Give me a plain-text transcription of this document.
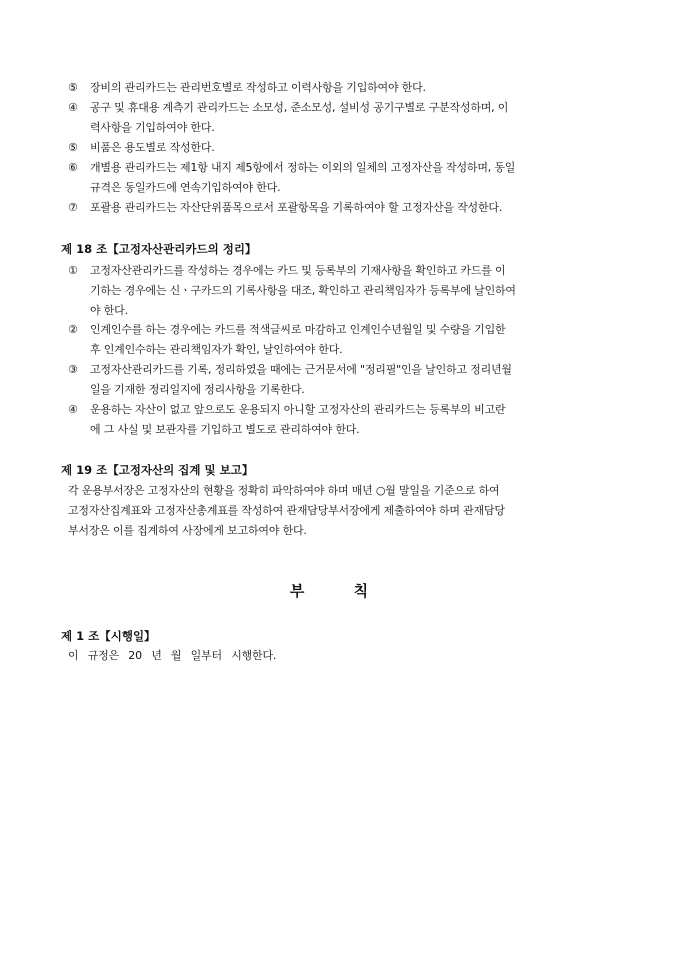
⑤	장비의 관리카드는 관리번호별로 작성하고 이력사항을 기입하여야 한다.
④	공구 및 휴대용 계측기 관리카드는 소모성, 준소모성, 설비성 공기구별로 구분작성하며, 이
력사항을 기입하여야 한다.
⑤	비품은 용도별로 작성한다.
⑥	개별용 관리카드는 제1항 내지 제5항에서 정하는 이외의 일체의 고정자산을 작성하며, 동일
규격은 동일카드에 연속기입하여야 한다.
⑦	포괄용 관리카드는 자산단위품목으로서 포괄항목을 기록하여야 할 고정자산을 작성한다.
제 18 조【고정자산관리카드의 정리】
①	고정자산관리카드를 작성하는 경우에는 카드 및 등록부의 기재사항을 확인하고 카드를 이
기하는 경우에는 신ㆍ구카드의 기록사항을 대조, 확인하고 관리책임자가 등록부에 날인하여
야 한다.
②	인계인수를 하는 경우에는 카드를 적색글씨로 마감하고 인계인수년월일 및 수량을 기입한
후 인계인수하는 관리책임자가 확인, 날인하여야 한다.
③	고정자산관리카드를 기록, 정리하였을 때에는 근거문서에 "정리필"인을 날인하고 정리년월
일을 기재한 정리일지에 정리사항을 기록한다.
④	운용하는 자산이 없고 앞으로도 운용되지 아니할 고정자산의 관리카드는 등록부의 비고란
에 그 사실 및 보관자를 기입하고 별도로 관리하여야 한다.
제 19 조【고정자산의 집계 및 보고】
각 운용부서장은 고정자산의 현황을 정확히 파악하여야 하며 매년 ○월 말일을 기준으로 하여
고정자산집계표와 고정자산총계표를 작성하여 관재담당부서장에게 제출하여야 하며 관재담당
부서장은 이를 집계하여 사장에게 보고하여야 한다.
부 칙
제 1 조【시행일】
이 규정은 20 년 월 일부터 시행한다.
